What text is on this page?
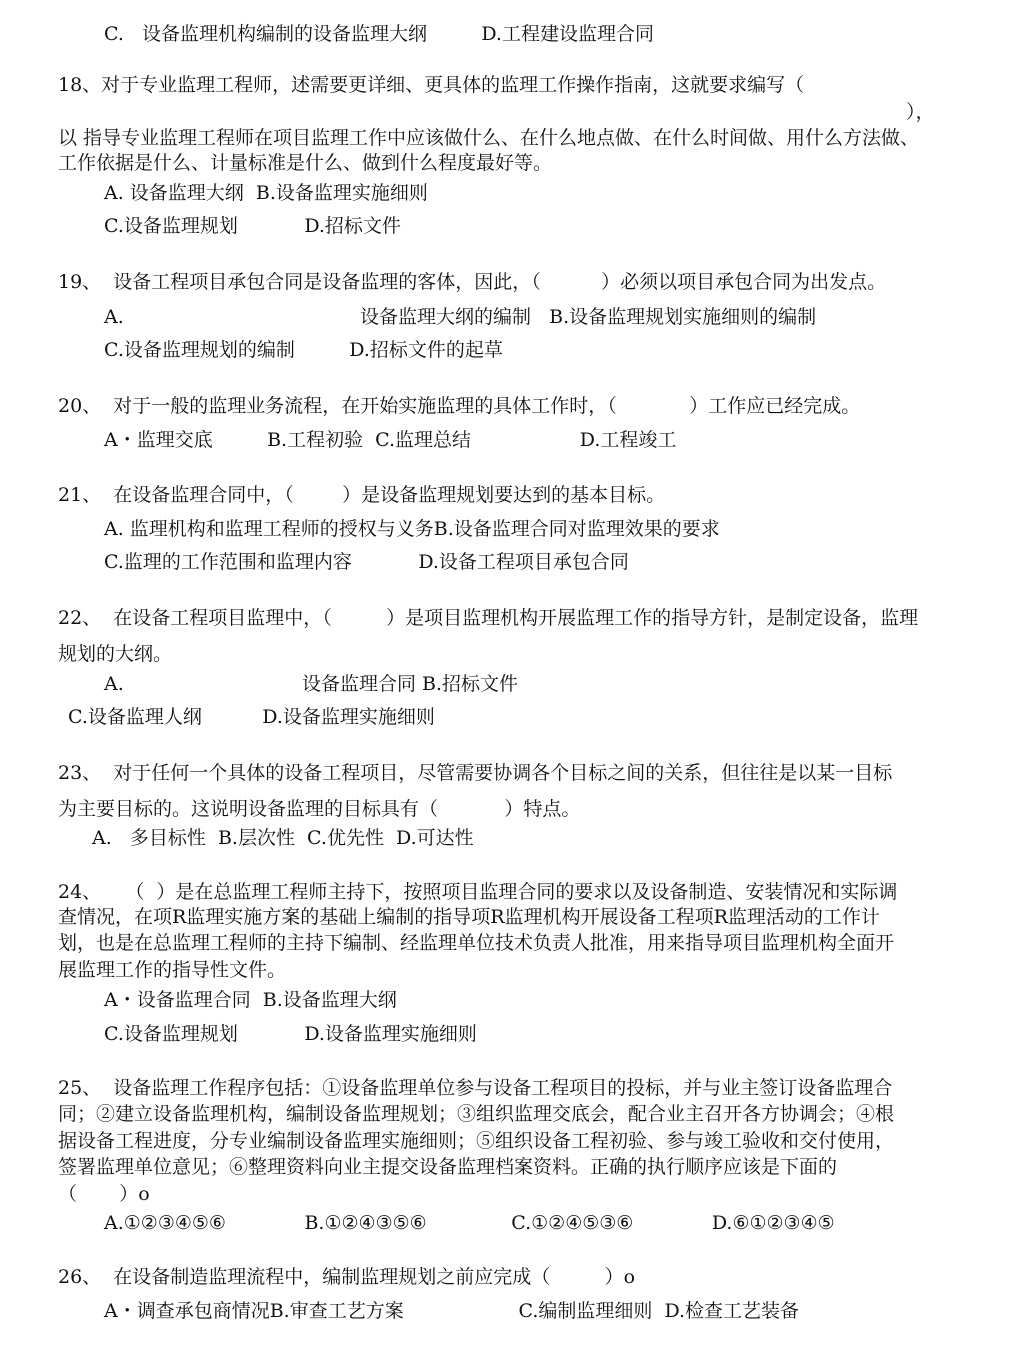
C.   设备监理机构编制的设备监理大纲         D.工程建设监理合同
18、对于专业监理工程师，述需要更详细、更具体的监理工作操作指南，这就要求编写（
），
以 指导专业监理工程师在项目监理工作中应该做什么、在什么地点做、在什么时间做、用什么方法做、
工作依据是什么、计量标准是什么、做到什么程度最好等。
A. 设备监理大纲  B.设备监理实施细则
C.设备监理规划           D.招标文件
19、  设备工程项目承包合同是设备监理的客体，因此，（          ）必须以项目承包合同为出发点。
A.	设备监理大纲的编制   B.设备监理规划实施细则的编制
C.设备监理规划的编制         D.招标文件的起草
20、  对于一般的监理业务流程，在开始实施监理的具体工作时，（            ）工作应已经完成。
A・监理交底         B.工程初验  C.监理总结                  D.工程竣工
21、  在设备监理合同中，（        ）是设备监理规划要达到的基本目标。
A. 监理机构和监理工程师的授权与义务B.设备监理合同对监理效果的要求
C.监理的工作范围和监理内容           D.设备工程项目承包合同
22、  在设备工程项目监理中，（         ）是项目监理机构开展监理工作的指导方针，是制定设备，监理
规划的大纲。
A.	设备监理合同 B.招标文件
C.设备监理人纲          D.设备监理实施细则
23、  对于任何一个具体的设备工程项目，尽管需要协调各个目标之间的关系，但往往是以某一目标
为主要目标的。这说明设备监理的目标具有（           ）特点。
A.   多目标性  B.层次性  C.优先性  D.可达性
24、    （  ）是在总监理工程师主持下，按照项目监理合同的要求以及设备制造、安装情况和实际调
查情况，在项R监理实施方案的基础上编制的指导项R监理机构开展设备工程项R监理活动的工作计
划，也是在总监理工程师的主持下编制、经监理单位技术负责人批准，用来指导项目监理机构全面开
展监理工作的指导性文件。
A・设备监理合同  B.设备监理大纲
C.设备监理规划           D.设备监理实施细则
25、  设备监理工作程序包括：①设备监理单位参与设备工程项目的投标，并与业主签订设备监理合
同；②建立设备监理机构，编制设备监理规划；③组织监理交底会，配合业主召开各方协调会；④根
据设备工程进度，分专业编制设备监理实施细则；⑤组织设备工程初验、参与竣工验收和交付使用，
签署监理单位意见；⑥整理资料向业主提交设备监理档案资料。正确的执行顺序应该是下面的
（       ）o
A.①②③④⑤⑥             B.①②④③⑤⑥              C.①②④⑤③⑥             D.⑥①②③④⑤
26、  在设备制造监理流程中，编制监理规划之前应完成（         ）o
A・调查承包商情况B.审查工艺方案                   C.编制监理细则  D.检查工艺装备
